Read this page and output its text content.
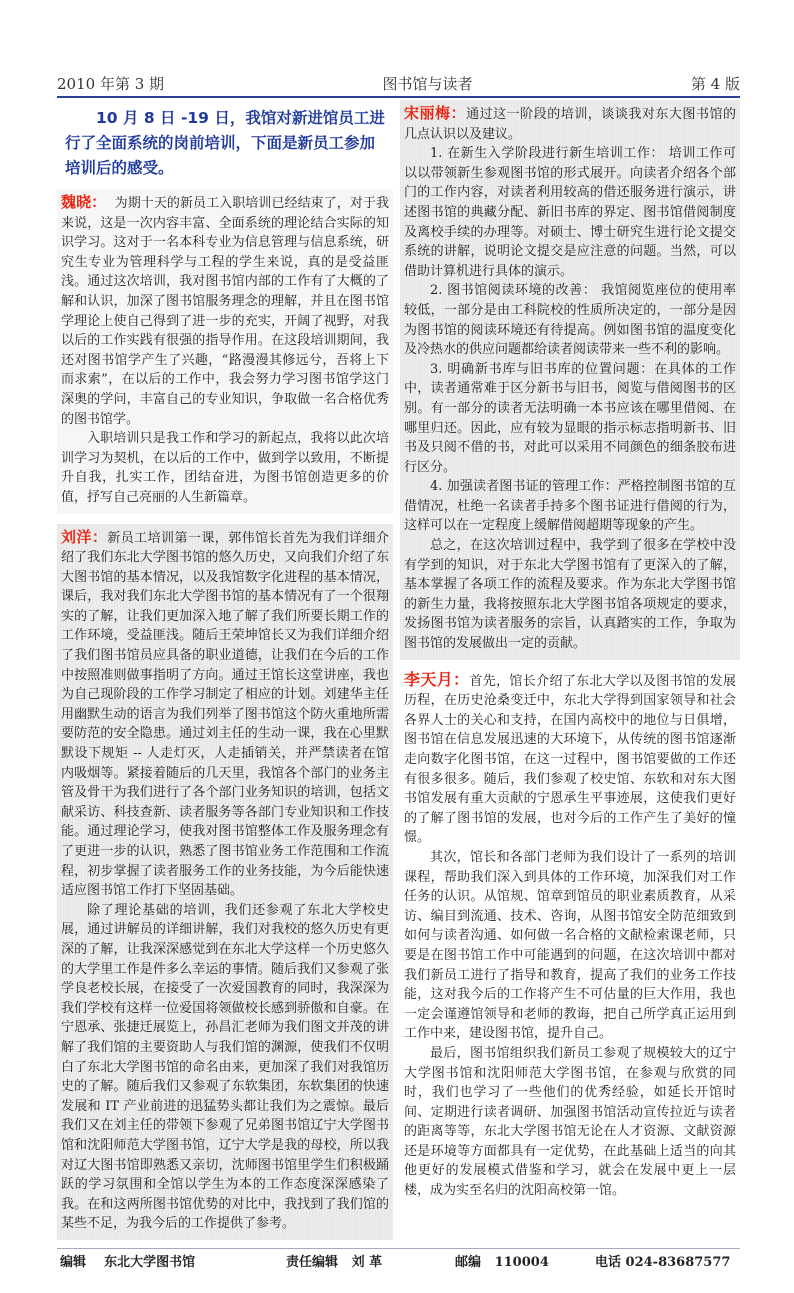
2010 年第 3 期	图书馆与读者	第 4 版
10 月 8 日 -19 日，我馆对新进馆员工进行了全面系统的岗前培训，下面是新员工参加培训后的感受。

魏晓： 为期十天的新员工入职培训已经结束了，对于我来说，这是一次内容丰富、全面系统的理论结合实际的知识学习。这对于一名本科专业为信息管理与信息系统，研究生专业为管理科学与工程的学生来说，真的是受益匪浅。通过这次培训，我对图书馆内部的工作有了大概的了解和认识，加深了图书馆服务理念的理解，并且在图书馆学理论上使自己得到了进一步的充实，开阔了视野，对我以后的工作实践有很强的指导作用。在这段培训期间，我还对图书馆学产生了兴趣，“路漫漫其修远兮，吾将上下而求索”，在以后的工作中，我会努力学习图书馆学这门深奥的学问，丰富自己的专业知识，争取做一名合格优秀的图书馆学。

入职培训只是我工作和学习的新起点，我将以此次培训学习为契机，在以后的工作中，做到学以致用，不断提升自我，扎实工作，团结奋进，为图书馆创造更多的价值，抒写自己亮丽的人生新篇章。

刘洋：新员工培训第一课，郭伟馆长首先为我们详细介绍了我们东北大学图书馆的悠久历史，又向我们介绍了东大图书馆的基本情况，以及我馆数字化进程的基本情况，课后，我对我们东北大学图书馆的基本情况有了一个很翔实的了解，让我们更加深入地了解了我们所要长期工作的工作环境，受益匪浅。随后王荣坤馆长又为我们详细介绍了我们图书馆员应具备的职业道德，让我们在今后的工作中按照准则做事指明了方向。通过王馆长这堂讲座，我也为自己现阶段的工作学习制定了相应的计划。刘建华主任用幽默生动的语言为我们列举了图书馆这个防火重地所需要防范的安全隐患。通过刘主任的生动一课，我在心里默默设下规矩 -- 人走灯灭，人走插销关，并严禁读者在馆内吸烟等。紧接着随后的几天里，我馆各个部门的业务主管及骨干为我们进行了各个部门业务知识的培训，包括文献采访、科技查新、读者服务等各部门专业知识和工作技能。通过理论学习，使我对图书馆整体工作及服务理念有了更进一步的认识，熟悉了图书馆业务工作范围和工作流程，初步掌握了读者服务工作的业务技能，为今后能快速适应图书馆工作打下坚固基础。

除了理论基础的培训，我们还参观了东北大学校史展，通过讲解员的详细讲解，我们对我校的悠久历史有更深的了解，让我深深感觉到在东北大学这样一个历史悠久的大学里工作是件多么幸运的事情。随后我们又参观了张学良老校长展，在接受了一次爱国教育的同时，我深深为我们学校有这样一位爱国将领做校长感到骄傲和自豪。在宁恩承、张捷迁展览上，孙昌汇老师为我们图文并茂的讲解了我们馆的主要资助人与我们馆的渊源，使我们不仅明白了东北大学图书馆的命名由来，更加深了我们对我馆历史的了解。随后我们又参观了东软集团，东软集团的快速发展和 IT 产业前进的迅猛势头都让我们为之震惊。最后我们又在刘主任的带领下参观了兄弟图书馆辽宁大学图书馆和沈阳师范大学图书馆，辽宁大学是我的母校，所以我对辽大图书馆即熟悉又亲切，沈师图书馆里学生们积极踊跃的学习氛围和全馆以学生为本的工作态度深深感染了我。在和这两所图书馆优势的对比中，我找到了我们馆的某些不足，为我今后的工作提供了参考。

宋丽梅：通过这一阶段的培训，谈谈我对东大图书馆的几点认识以及建议。

1. 在新生入学阶段进行新生培训工作： 培训工作可以以带领新生参观图书馆的形式展开。向读者介绍各个部门的工作内容，对读者利用较高的借还服务进行演示，讲述图书馆的典藏分配、新旧书库的界定、图书馆借阅制度及离校手续的办理等。对硕士、博士研究生进行论文提交系统的讲解，说明论文提交是应注意的问题。当然，可以借助计算机进行具体的演示。

2. 图书馆阅读环境的改善： 我馆阅览座位的使用率较低，一部分是由工科院校的性质所决定的，一部分是因为图书馆的阅读环境还有待提高。例如图书馆的温度变化及冷热水的供应问题都给读者阅读带来一些不利的影响。

3. 明确新书库与旧书库的位置问题：在具体的工作中，读者通常难于区分新书与旧书，阅览与借阅图书的区别。有一部分的读者无法明确一本书应该在哪里借阅、在哪里归还。因此，应有较为显眼的指示标志指明新书、旧书及只阅不借的书，对此可以采用不同颜色的细条胶布进行区分。

4. 加强读者图书证的管理工作：严格控制图书馆的互借情况，杜绝一名读者手持多个图书证进行借阅的行为，这样可以在一定程度上缓解借阅超期等现象的产生。

总之，在这次培训过程中，我学到了很多在学校中没有学到的知识，对于东北大学图书馆有了更深入的了解，基本掌握了各项工作的流程及要求。作为东北大学图书馆的新生力量，我将按照东北大学图书馆各项规定的要求，发扬图书馆为读者服务的宗旨，认真踏实的工作，争取为图书馆的发展做出一定的贡献。

李天月：首先，馆长介绍了东北大学以及图书馆的发展历程，在历史沧桑变迁中，东北大学得到国家领导和社会各界人士的关心和支持，在国内高校中的地位与日俱增，图书馆在信息发展迅速的大环境下，从传统的图书馆逐渐走向数字化图书馆，在这一过程中，图书馆要做的工作还有很多很多。随后，我们参观了校史馆、东软和对东大图书馆发展有重大贡献的宁恩承生平事迹展，这使我们更好的了解了图书馆的发展，也对今后的工作产生了美好的憧憬。

其次，馆长和各部门老师为我们设计了一系列的培训课程，帮助我们深入到具体的工作环境，加深我们对工作任务的认识。从馆规、馆章到馆员的职业素质教育，从采访、编目到流通、技术、咨询，从图书馆安全防范细致到如何与读者沟通、如何做一名合格的文献检索课老师，只要是在图书馆工作中可能遇到的问题，在这次培训中都对我们新员工进行了指导和教育，提高了我们的业务工作技能，这对我今后的工作将产生不可估量的巨大作用，我也一定会谨遵馆领导和老师的教诲，把自己所学真正运用到工作中来，建设图书馆，提升自己。

最后，图书馆组织我们新员工参观了规模较大的辽宁大学图书馆和沈阳师范大学图书馆，在参观与欣赏的同时，我们也学习了一些他们的优秀经验，如延长开馆时间、定期进行读者调研、加强图书馆活动宣传拉近与读者的距离等等，东北大学图书馆无论在人才资源、文献资源还是环境等方面都具有一定优势，在此基础上适当的向其他更好的发展模式借鉴和学习，就会在发展中更上一层楼，成为实至名归的沈阳高校第一馆。

编辑 东北大学图书馆	责任编辑 刘 革	邮编 110004	电话 024-83687577
